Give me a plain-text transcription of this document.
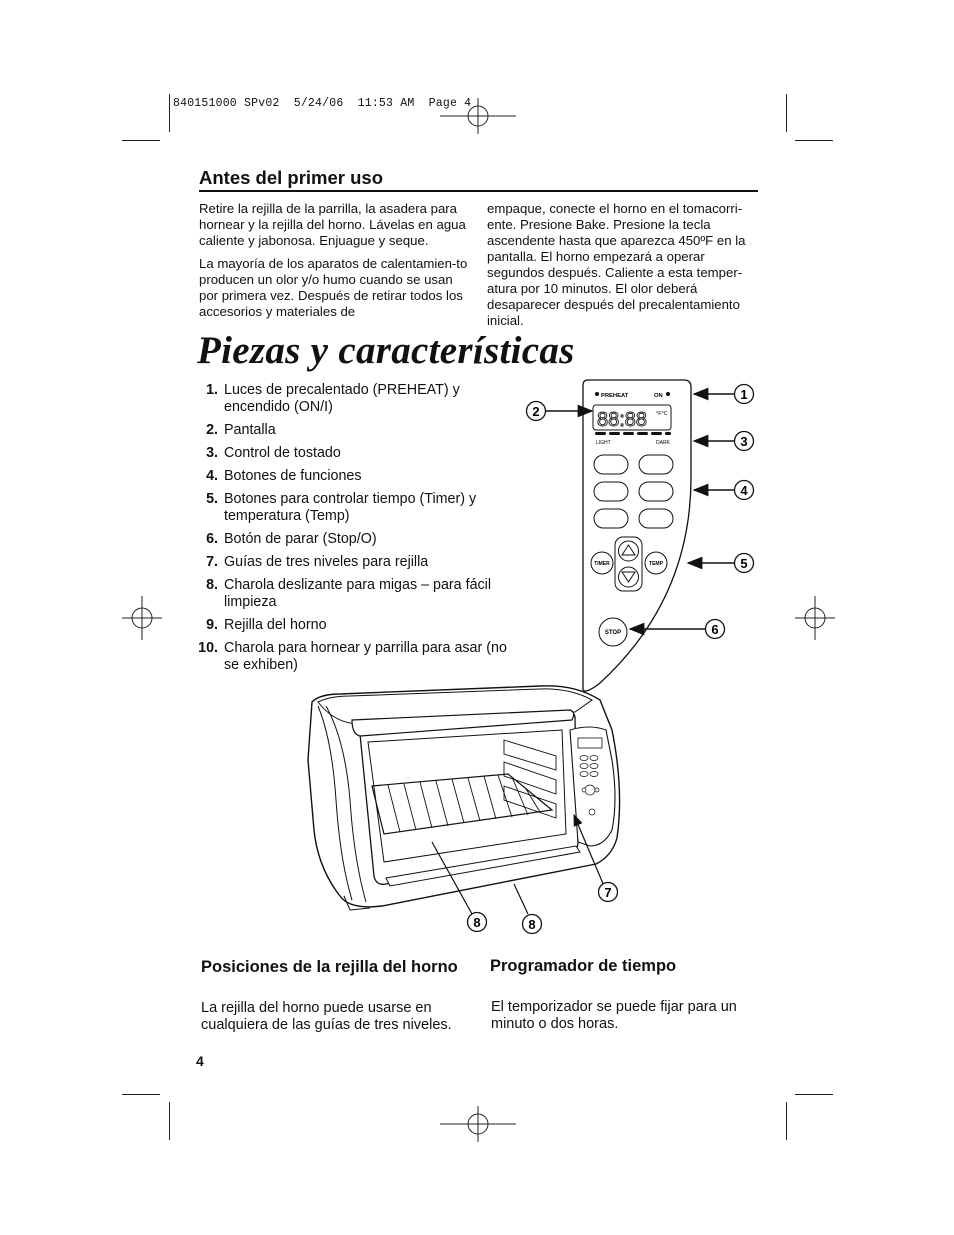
840151000 SPv02  5/24/06  11:53 AM  Page 4
Antes del primer uso

Retire la rejilla de la parrilla, la asadera para hornear y la rejilla del horno. Lávelas en agua caliente y jabonosa. Enjuague y seque.

La mayoría de los aparatos de calentamien-to producen un olor y/o humo cuando se usan por primera vez. Después de retirar todos los accesorios y materiales de

empaque, conecte el horno en el tomacorri-ente. Presione Bake. Presione la tecla ascendente hasta que aparezca 450ºF en la pantalla. El horno empezará a operar segundos después. Caliente a esta temper-atura por 10 minutos. El olor deberá desaparecer después del precalentamiento inicial.

Piezas y características
1. Luces de precalentado (PREHEAT) y encendido (ON/I)
2. Pantalla
3. Control de tostado
4. Botones de funciones
5. Botones para controlar tiempo (Timer) y temperatura (Temp)
6. Botón de parar (Stop/O)
7. Guías de tres niveles para rejilla
8. Charola deslizante para migas – para fácil limpieza
9. Rejilla del horno
10. Charola para hornear y parrilla para asar (no se exhiben)
PREHEAT	ON
88:88 °F°C
LIGHT	DARK
TIMER	TEMP
STOP
1
2
3
4
5
6
7
8	8
Posiciones de la rejilla del horno
La rejilla del horno puede usarse en cualquiera de las guías de tres niveles.
Programador de tiempo
El temporizador se puede fijar para un minuto o dos horas.
4
